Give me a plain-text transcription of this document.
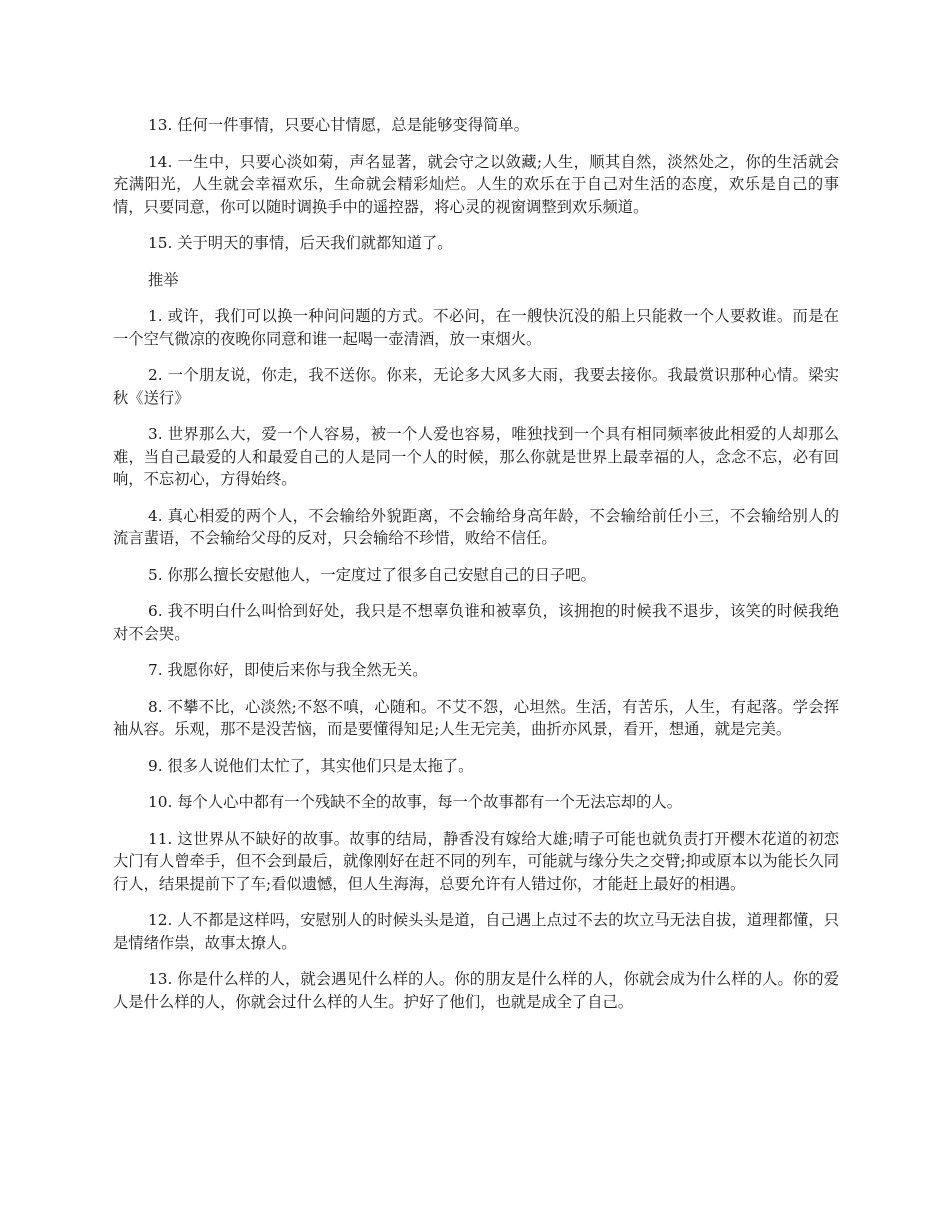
13. 任何一件事情，只要心甘情愿，总是能够变得简单。

14. 一生中，只要心淡如菊，声名显著，就会守之以敛藏;人生，顺其自然，淡然处之，你的生活就会充满阳光，人生就会幸福欢乐，生命就会精彩灿烂。人生的欢乐在于自己对生活的态度，欢乐是自己的事情，只要同意，你可以随时调换手中的遥控器，将心灵的视窗调整到欢乐频道。

15. 关于明天的事情，后天我们就都知道了。

推举

1. 或许，我们可以换一种问问题的方式。不必问，在一艘快沉没的船上只能救一个人要救谁。而是在一个空气微凉的夜晚你同意和谁一起喝一壶清酒，放一束烟火。

2. 一个朋友说，你走，我不送你。你来，无论多大风多大雨，我要去接你。我最赏识那种心情。梁实秋《送行》

3. 世界那么大，爱一个人容易，被一个人爱也容易，唯独找到一个具有相同频率彼此相爱的人却那么难，当自己最爱的人和最爱自己的人是同一个人的时候，那么你就是世界上最幸福的人，念念不忘，必有回响，不忘初心，方得始终。

4. 真心相爱的两个人，不会输给外貌距离，不会输给身高年龄，不会输给前任小三，不会输给别人的流言蜚语，不会输给父母的反对，只会输给不珍惜，败给不信任。

5. 你那么擅长安慰他人，一定度过了很多自己安慰自己的日子吧。

6. 我不明白什么叫恰到好处，我只是不想辜负谁和被辜负，该拥抱的时候我不退步，该笑的时候我绝对不会哭。

7. 我愿你好，即使后来你与我全然无关。

8. 不攀不比，心淡然;不怒不嗔，心随和。不艾不怨，心坦然。生活，有苦乐，人生，有起落。学会挥袖从容。乐观，那不是没苦恼，而是要懂得知足;人生无完美，曲折亦风景，看开，想通，就是完美。

9. 很多人说他们太忙了，其实他们只是太拖了。

10. 每个人心中都有一个残缺不全的故事，每一个故事都有一个无法忘却的人。

11. 这世界从不缺好的故事。故事的结局，静香没有嫁给大雄;晴子可能也就负责打开樱木花道的初恋大门有人曾牵手，但不会到最后，就像刚好在赶不同的列车，可能就与缘分失之交臂;抑或原本以为能长久同行人，结果提前下了车;看似遗憾，但人生海海，总要允许有人错过你，才能赶上最好的相遇。

12. 人不都是这样吗，安慰别人的时候头头是道，自己遇上点过不去的坎立马无法自拔，道理都懂，只是情绪作祟，故事太撩人。

13. 你是什么样的人，就会遇见什么样的人。你的朋友是什么样的人，你就会成为什么样的人。你的爱人是什么样的人，你就会过什么样的人生。护好了他们，也就是成全了自己。
